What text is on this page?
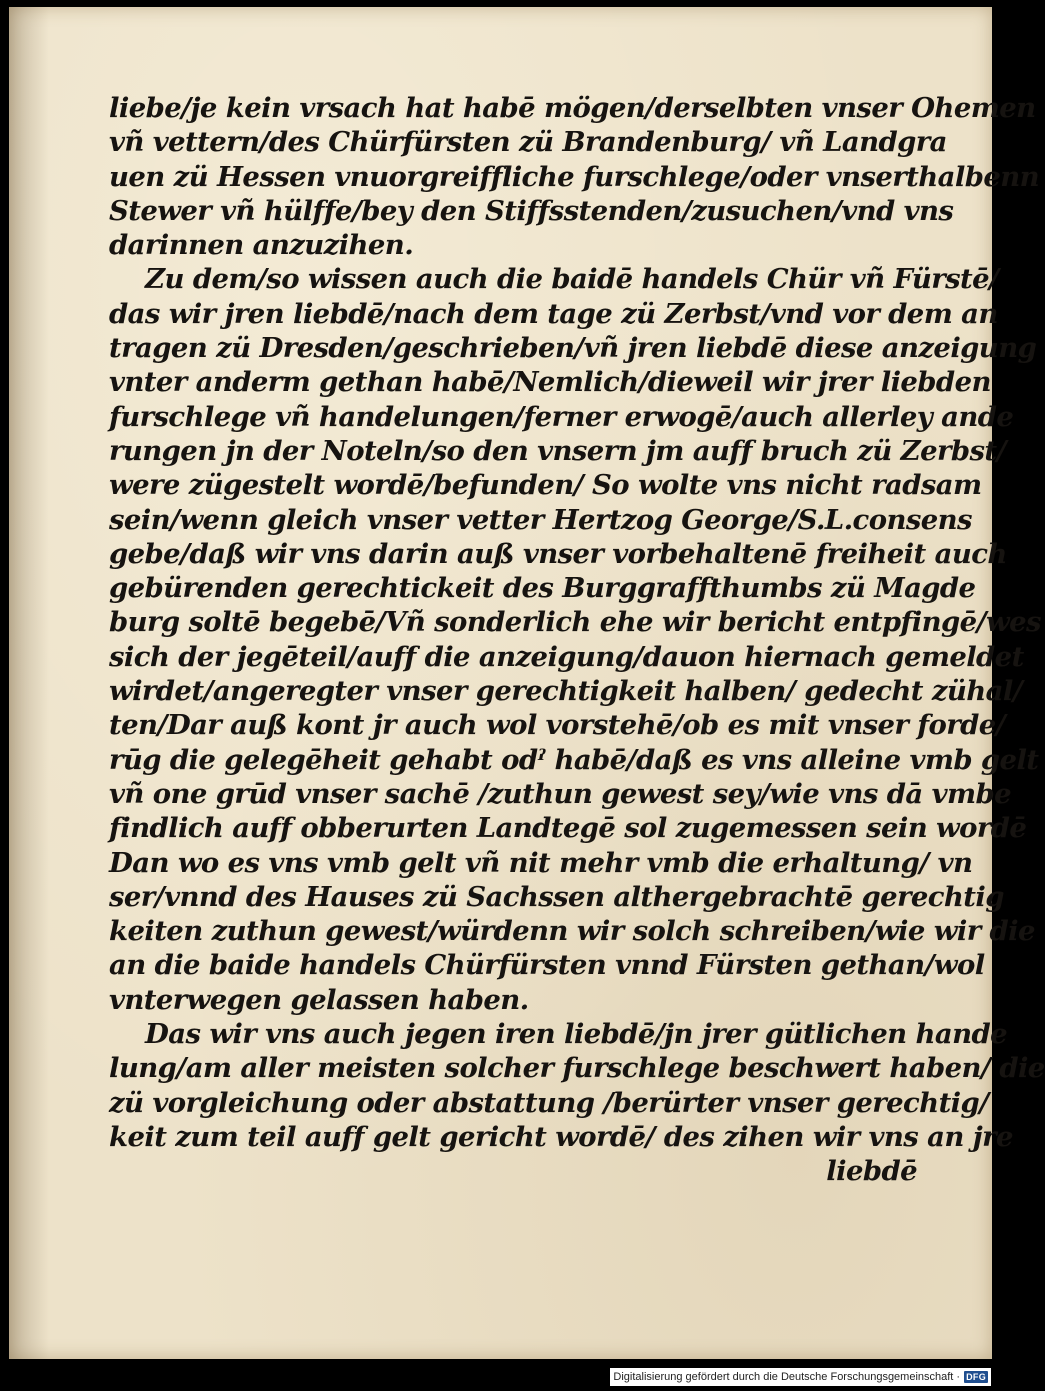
liebe/je kein vrsach hat habē mögen/derselbten vnser Ohemen
vñ vettern/des Chürfürsten zü Brandenburg/ vñ Landgra
uen zü Hessen vnuorgreiffliche furschlege/oder vnserthalbenn
Stewer vñ hülffe/bey den Stiffsstenden/zusuchen/vnd vns
darinnen anzuzihen.
Zu dem/so wissen auch die baidē handels Chür vñ Fürstē/
das wir jren liebdē/nach dem tage zü Zerbst/vnd vor dem an
tragen zü Dresden/geschrieben/vñ jren liebdē diese anzeigung
vnter anderm gethan habē/Nemlich/dieweil wir jrer liebden
furschlege vñ handelungen/ferner erwogē/auch allerley ande
rungen jn der Noteln/so den vnsern jm auff bruch zü Zerbst/
were zügestelt wordē/befunden/ So wolte vns nicht radsam
sein/wenn gleich vnser vetter Hertzog George/S.L.consens
gebe/daß wir vns darin auß vnser vorbehaltenē freiheit auch
gebürenden gerechtickeit des Burggraffthumbs zü Magde
burg soltē begebē/Vñ sonderlich ehe wir bericht entpfingē/wes
sich der jegēteil/auff die anzeigung/dauon hiernach gemeldet
wirdet/angeregter vnser gerechtigkeit halben/ gedecht zühal/
ten/Dar auß kont jr auch wol vorstehē/ob es mit vnser forde/
rūg die gelegēheit gehabt odˀ habē/daß es vns alleine vmb gelt
vñ one grūd vnser sachē /zuthun gewest sey/wie vns dā vmbe
findlich auff obberurten Landtegē sol zugemessen sein wordē
Dan wo es vns vmb gelt vñ nit mehr vmb die erhaltung/ vn
ser/vnnd des Hauses zü Sachssen althergebrachtē gerechtig
keiten zuthun gewest/würdenn wir solch schreiben/wie wir die
an die baide handels Chürfürsten vnnd Fürsten gethan/wol
vnterwegen gelassen haben.
Das wir vns auch jegen iren liebdē/jn jrer gütlichen hande
lung/am aller meisten solcher furschlege beschwert haben/ die
zü vorgleichung oder abstattung /berürter vnser gerechtig/
keit zum teil auff gelt gericht wordē/ des zihen wir vns an jre
liebdē
Digitalisierung gefördert durch die Deutsche Forschungsgemeinschaft · DFG
